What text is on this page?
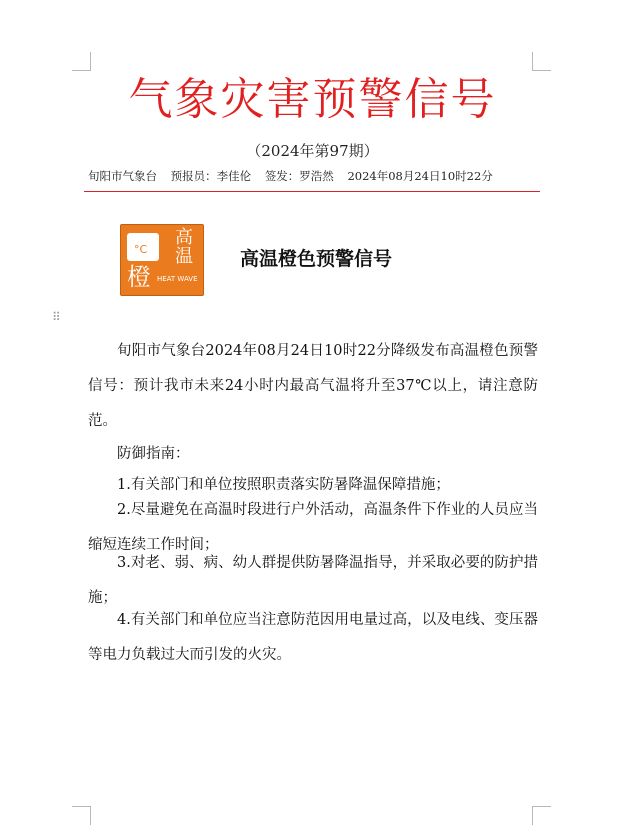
气象灾害预警信号
（2024年第97期）
旬阳市气象台 预报员：李佳伦 签发：罗浩然 2024年08月24日10时22分
°C
橙
高
温
HEAT WAVE
高温橙色预警信号
⠿
旬阳市气象台2024年08月24日10时22分降级发布高温橙色预警信号：预计我市未来24小时内最高气温将升至37℃以上，请注意防范。
防御指南：
1.有关部门和单位按照职责落实防暑降温保障措施；
2.尽量避免在高温时段进行户外活动，高温条件下作业的人员应当缩短连续工作时间；
3.对老、弱、病、幼人群提供防暑降温指导，并采取必要的防护措施；
4.有关部门和单位应当注意防范因用电量过高，以及电线、变压器等电力负载过大而引发的火灾。
